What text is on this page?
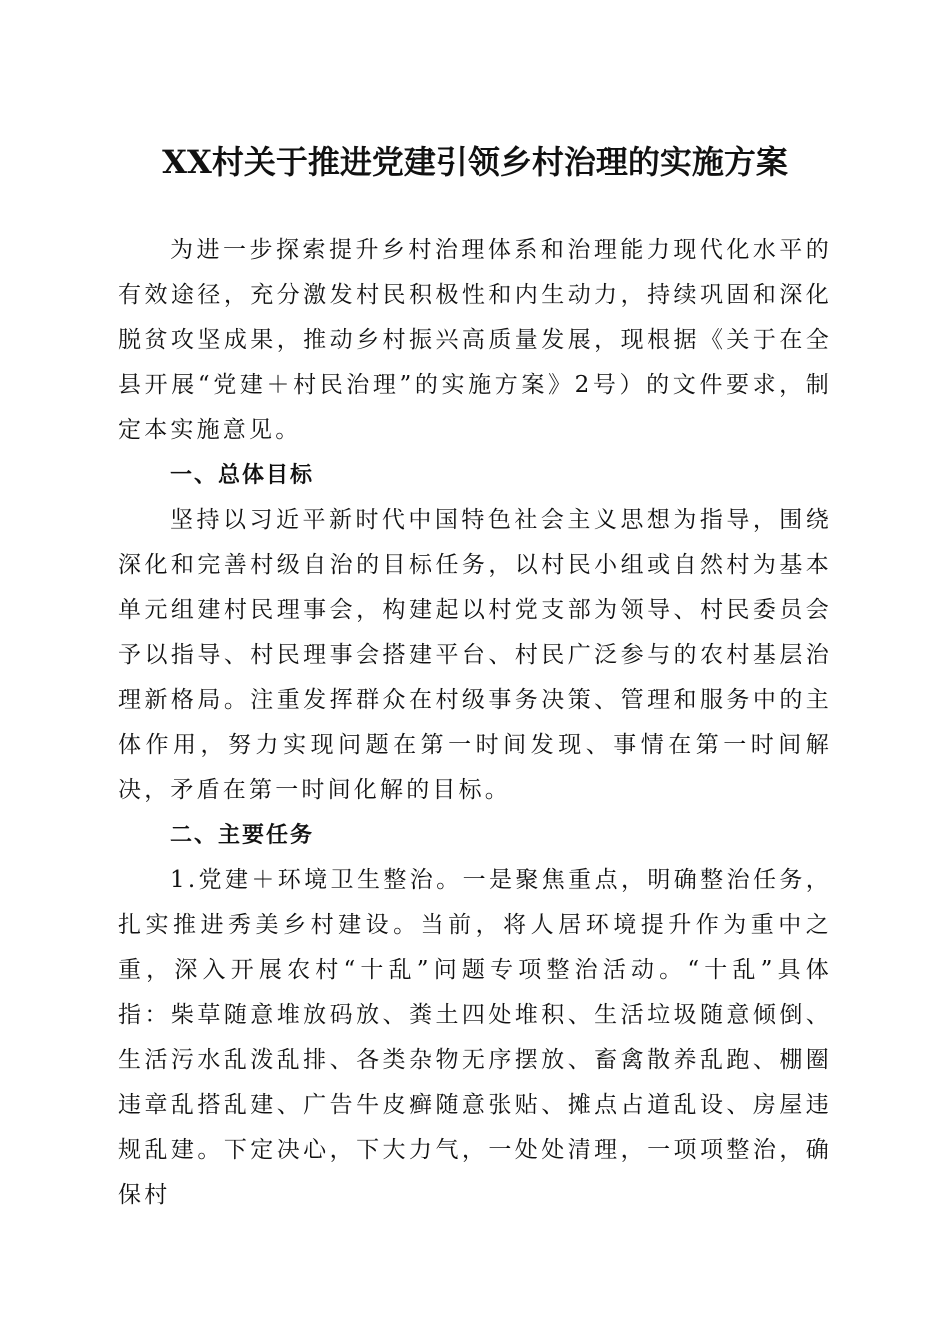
XX村关于推进党建引领乡村治理的实施方案

为进一步探索提升乡村治理体系和治理能力现代化水平的有效途径，充分激发村民积极性和内生动力，持续巩固和深化脱贫攻坚成果，推动乡村振兴高质量发展，现根据《关于在全县开展“党建＋村民治理”的实施方案》2号）的文件要求，制定本实施意见。

一、总体目标

坚持以习近平新时代中国特色社会主义思想为指导，围绕深化和完善村级自治的目标任务，以村民小组或自然村为基本单元组建村民理事会，构建起以村党支部为领导、村民委员会予以指导、村民理事会搭建平台、村民广泛参与的农村基层治理新格局。注重发挥群众在村级事务决策、管理和服务中的主体作用，努力实现问题在第一时间发现、事情在第一时间解决，矛盾在第一时间化解的目标。

二、主要任务

1.党建＋环境卫生整治。一是聚焦重点，明确整治任务，扎实推进秀美乡村建设。当前，将人居环境提升作为重中之重，深入开展农村“十乱”问题专项整治活动。“十乱”具体指：柴草随意堆放码放、粪土四处堆积、生活垃圾随意倾倒、生活污水乱泼乱排、各类杂物无序摆放、畜禽散养乱跑、棚圈违章乱搭乱建、广告牛皮癣随意张贴、摊点占道乱设、房屋违规乱建。下定决心，下大力气，一处处清理，一项项整治，确保村
